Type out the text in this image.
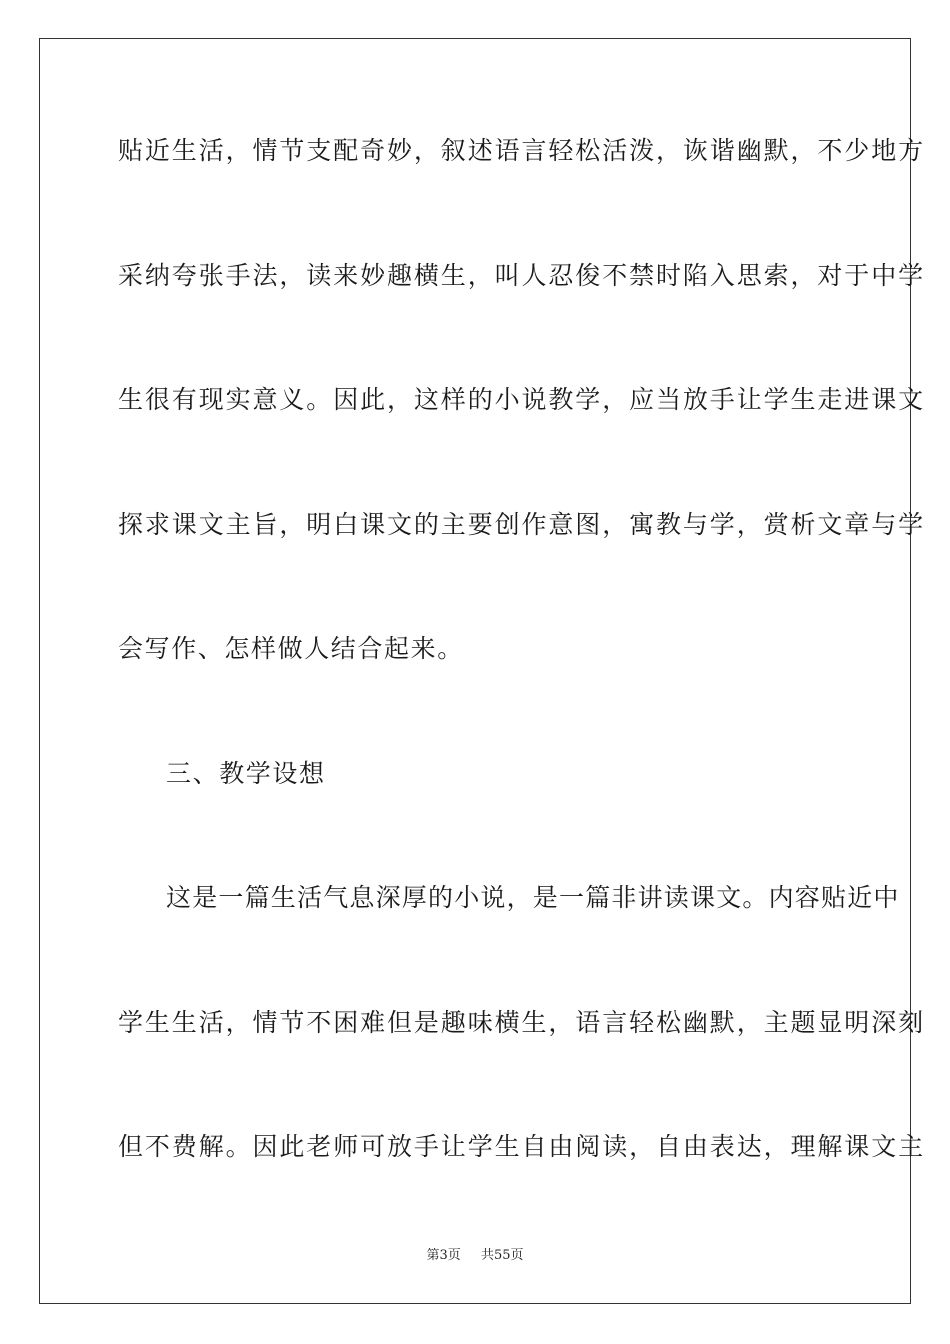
贴近生活，情节支配奇妙，叙述语言轻松活泼，诙谐幽默，不少地方
采纳夸张手法，读来妙趣横生，叫人忍俊不禁时陷入思索，对于中学
生很有现实意义。因此，这样的小说教学，应当放手让学生走进课文
探求课文主旨，明白课文的主要创作意图，寓教与学，赏析文章与学
会写作、怎样做人结合起来。
三、教学设想
这是一篇生活气息深厚的小说，是一篇非讲读课文。内容贴近中
学生生活，情节不困难但是趣味横生，语言轻松幽默，主题显明深刻
但不费解。因此老师可放手让学生自由阅读，自由表达，理解课文主
第3页 共55页
